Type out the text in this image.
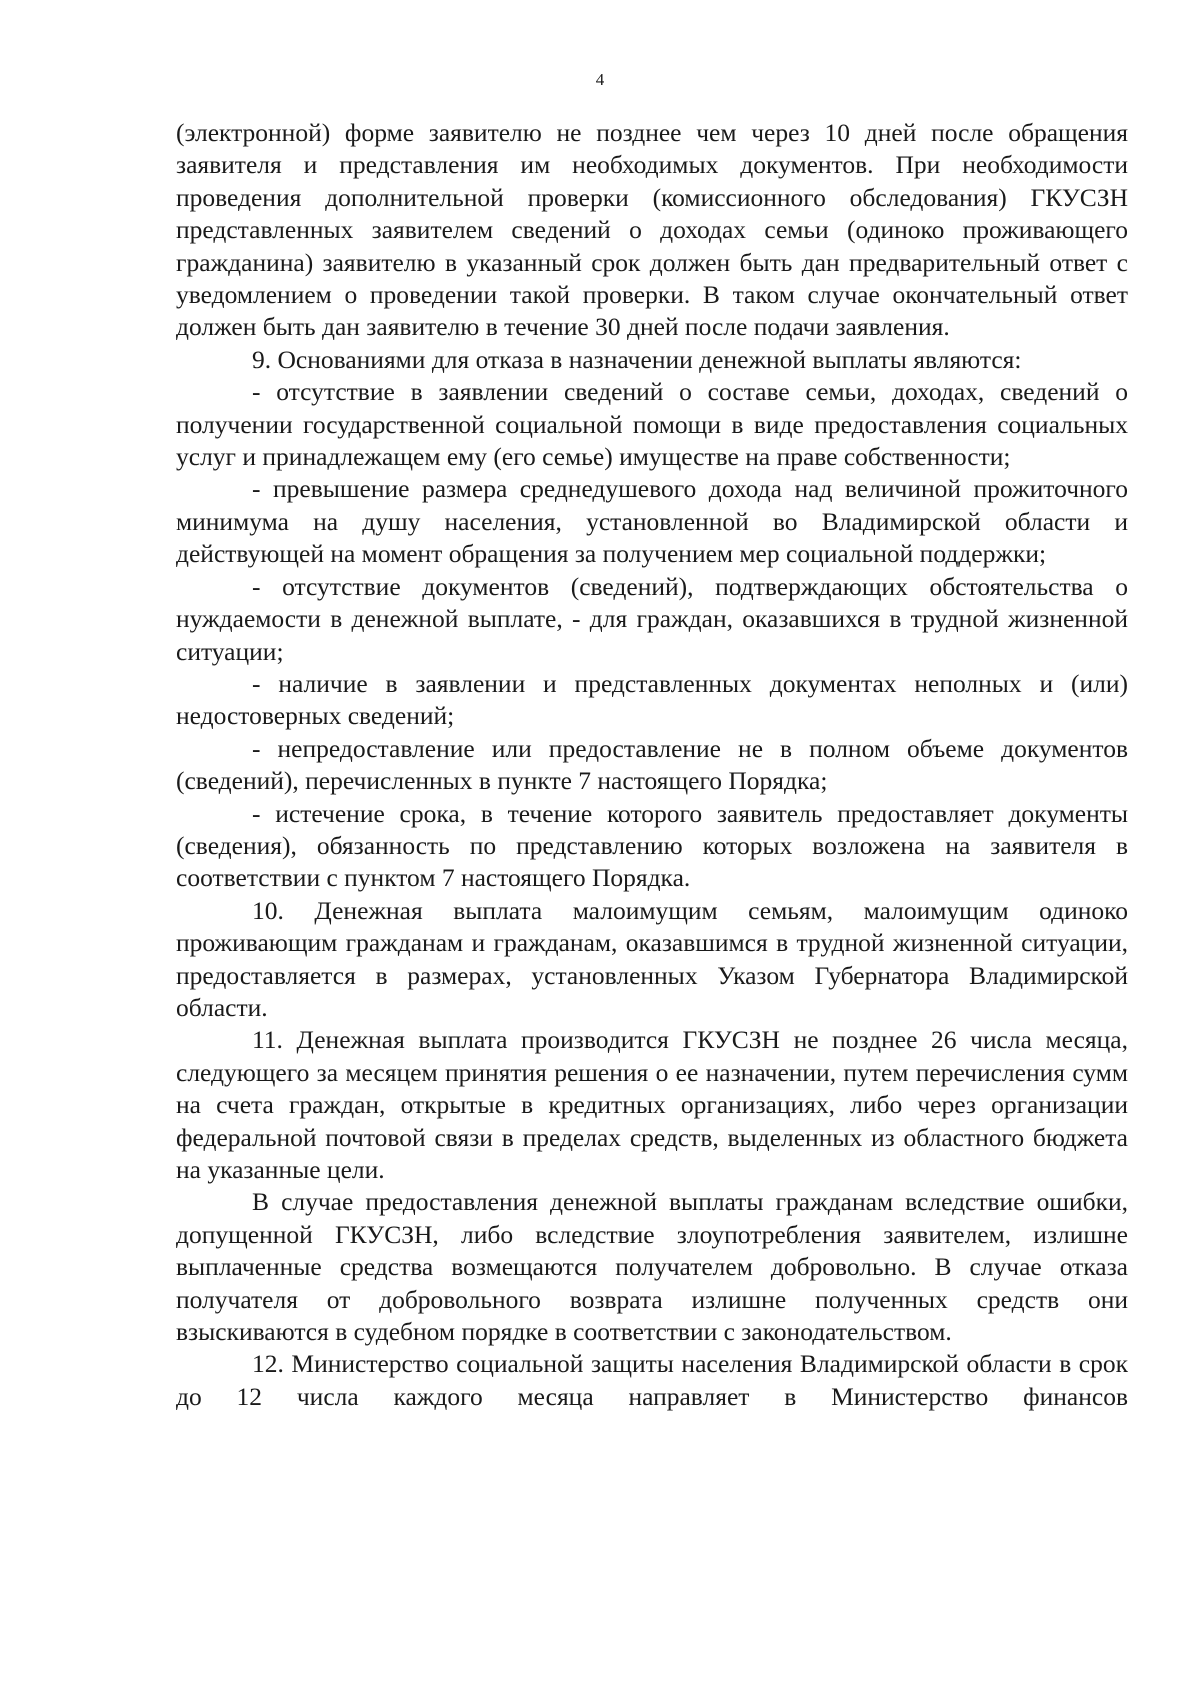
4

(электронной) форме заявителю не позднее чем через 10 дней после обращения заявителя и представления им необходимых документов. При необходимости проведения дополнительной проверки (комиссионного обследования) ГКУСЗН представленных заявителем сведений о доходах семьи (одиноко проживающего гражданина) заявителю в указанный срок должен быть дан предварительный ответ с уведомлением о проведении такой проверки. В таком случае окончательный ответ должен быть дан заявителю в течение 30 дней после подачи заявления.

9. Основаниями для отказа в назначении денежной выплаты являются:

- отсутствие в заявлении сведений о составе семьи, доходах, сведений о получении государственной социальной помощи в виде предоставления социальных услуг и принадлежащем ему (его семье) имуществе на праве собственности;

- превышение размера среднедушевого дохода над величиной прожиточного минимума на душу населения, установленной во Владимирской области и действующей на момент обращения за получением мер социальной поддержки;

- отсутствие документов (сведений), подтверждающих обстоятельства о нуждаемости в денежной выплате, - для граждан, оказавшихся в трудной жизненной ситуации;

- наличие в заявлении и представленных документах неполных и (или) недостоверных сведений;

- непредоставление или предоставление не в полном объеме документов (сведений), перечисленных в пункте 7 настоящего Порядка;

- истечение срока, в течение которого заявитель предоставляет документы (сведения), обязанность по представлению которых возложена на заявителя в соответствии с пунктом 7 настоящего Порядка.

10. Денежная выплата малоимущим семьям, малоимущим одиноко проживающим гражданам и гражданам, оказавшимся в трудной жизненной ситуации, предоставляется в размерах, установленных Указом Губернатора Владимирской области.

11. Денежная выплата производится ГКУСЗН не позднее 26 числа месяца, следующего за месяцем принятия решения о ее назначении, путем перечисления сумм на счета граждан, открытые в кредитных организациях, либо через организации федеральной почтовой связи в пределах средств, выделенных из областного бюджета на указанные цели.

В случае предоставления денежной выплаты гражданам вследствие ошибки, допущенной ГКУСЗН, либо вследствие злоупотребления заявителем, излишне выплаченные средства возмещаются получателем добровольно. В случае отказа получателя от добровольного возврата излишне полученных средств они взыскиваются в судебном порядке в соответствии с законодательством.

12. Министерство социальной защиты населения Владимирской области в срок до 12 числа каждого месяца направляет в Министерство финансов
